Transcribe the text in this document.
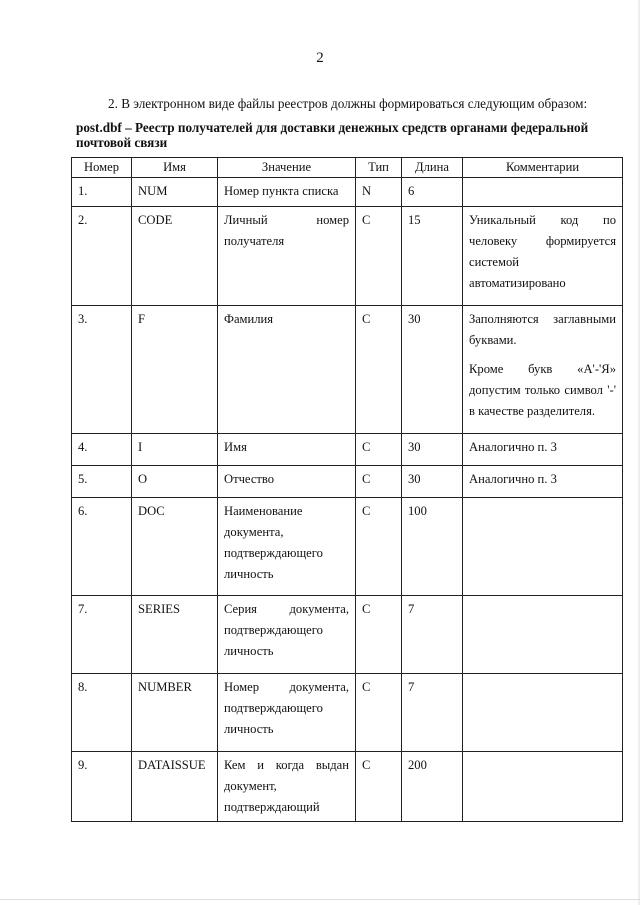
2
2. В электронном виде файлы реестров должны формироваться следующим образом:
post.dbf – Реестр получателей для доставки денежных средств органами федеральной почтовой связи
Номер	Имя	Значение	Тип	Длина	Комментарии
1.	NUM	Номер пункта списка	N	6	
2.	CODE	Личный номер получателя	C	15	Уникальный код по человеку формируется системой автоматизировано
3.	F	Фамилия	C	30	Заполняются заглавными буквами.

Кроме букв «А'-'Я» допустим только символ '-' в качестве разделителя.

4.	I	Имя	C	30	Аналогично п. 3
5.	O	Отчество	C	30	Аналогично п. 3
6.	DOC	Наименование документа, подтверждающего личность	C	100	
7.	SERIES	Серия документа, подтверждающего личность	C	7	
8.	NUMBER	Номер документа, подтверждающего личность	C	7	
9.	DATAISSUE	Кем и когда выдан документ, подтверждающий	C	200	
